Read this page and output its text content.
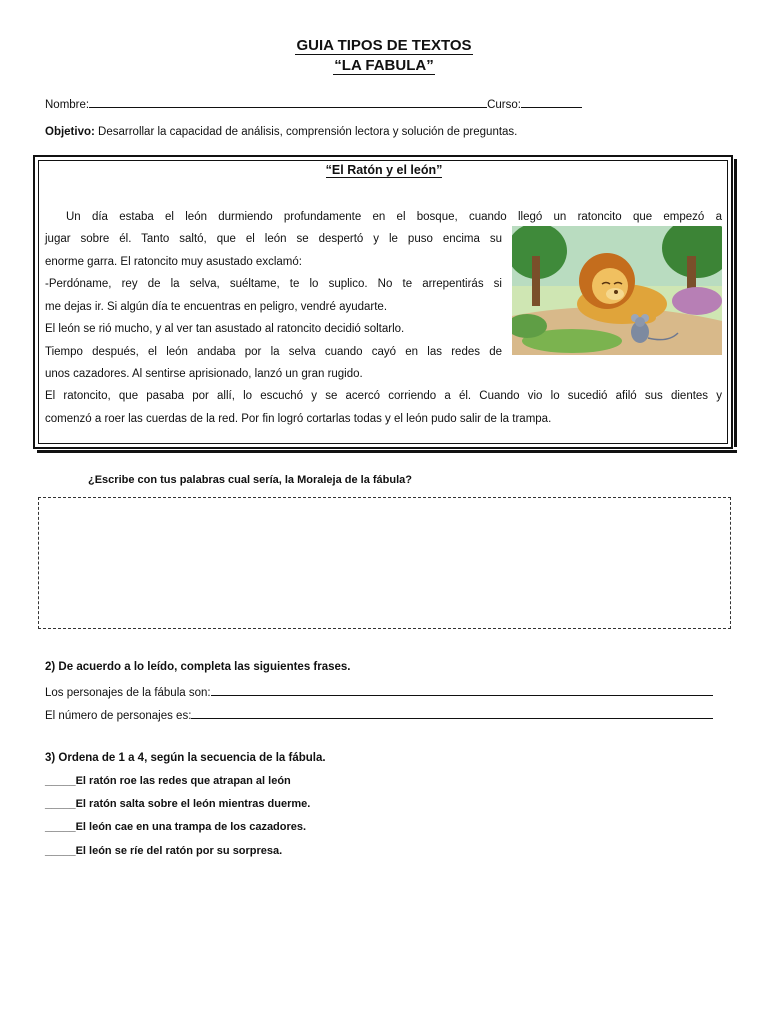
GUIA TIPOS DE TEXTOS
“LA FABULA”
Nombre:	Curso:
Objetivo: Desarrollar la capacidad de análisis, comprensión lectora y solución de preguntas.
“El Ratón y el león”
Un día estaba el león durmiendo profundamente en el bosque, cuando llegó un ratoncito que empezó a
jugar sobre él. Tanto saltó, que el león se despertó y le puso encima su
enorme garra. El ratoncito muy asustado exclamó:
-Perdóname, rey de la selva, suéltame, te lo suplico. No te arrepentirás si
me dejas ir. Si algún día te encuentras en peligro, vendré ayudarte.
El león se rió mucho, y al ver tan asustado al ratoncito decidió soltarlo.
Tiempo después, el león andaba por la selva cuando cayó en las redes de
unos cazadores. Al sentirse aprisionado, lanzó un gran rugido.
El ratoncito, que pasaba por allí, lo escuchó y se acercó corriendo a él. Cuando vio lo sucedió afiló sus dientes y
comenzó a roer las cuerdas de la red. Por fin logró cortarlas todas y el león pudo salir de la trampa.
¿Escribe con tus palabras cual sería, la Moraleja de la fábula?
2) De acuerdo a lo leído, completa las siguientes frases.
Los personajes de la fábula son:
El número de personajes es:
3) Ordena de 1 a 4, según la secuencia de la fábula.
_____El ratón roe las redes que atrapan al león
_____El ratón salta sobre el león mientras duerme.
_____El león cae en una trampa de los cazadores.
_____El león se ríe del ratón por su sorpresa.
